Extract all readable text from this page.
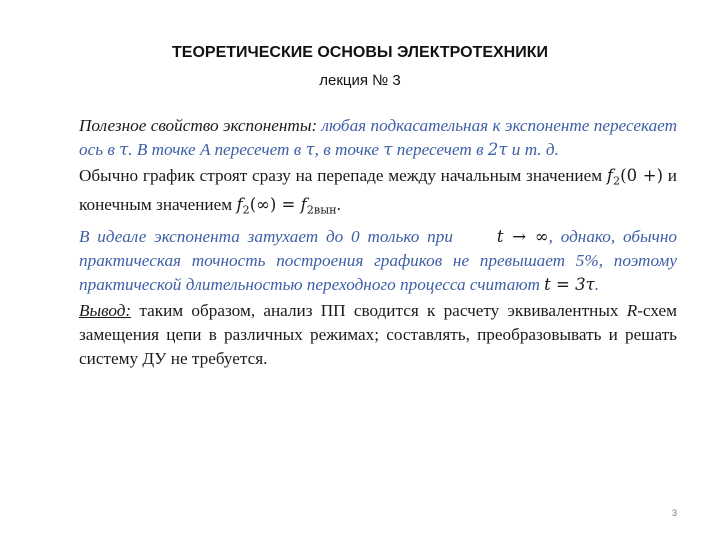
ТЕОРЕТИЧЕСКИЕ ОСНОВЫ ЭЛЕКТРОТЕХНИКИ
лекция № 3

Полезное свойство экспоненты: любая подкасательная к экспоненте пересекает ось в τ. В точке A пересечет в τ, в точке τ пересечет в 2τ и т. д.

Обычно график строят сразу на перепаде между начальным значением $f_2(0$ +) и конечным значением $f_2(\infty) = f_{2вын}$.

В идеале экспонента затухает до 0 только при	t → ∞, однако, обычно практическая точность построения графиков не превышает 5%, поэтому практической длительностью переходного процесса считают t = 3τ.

Вывод: таким образом, анализ ПП сводится к расчету эквивалентных R-схем замещения цепи в различных режимах; составлять, преобразовывать и решать систему ДУ не требуется.

3
